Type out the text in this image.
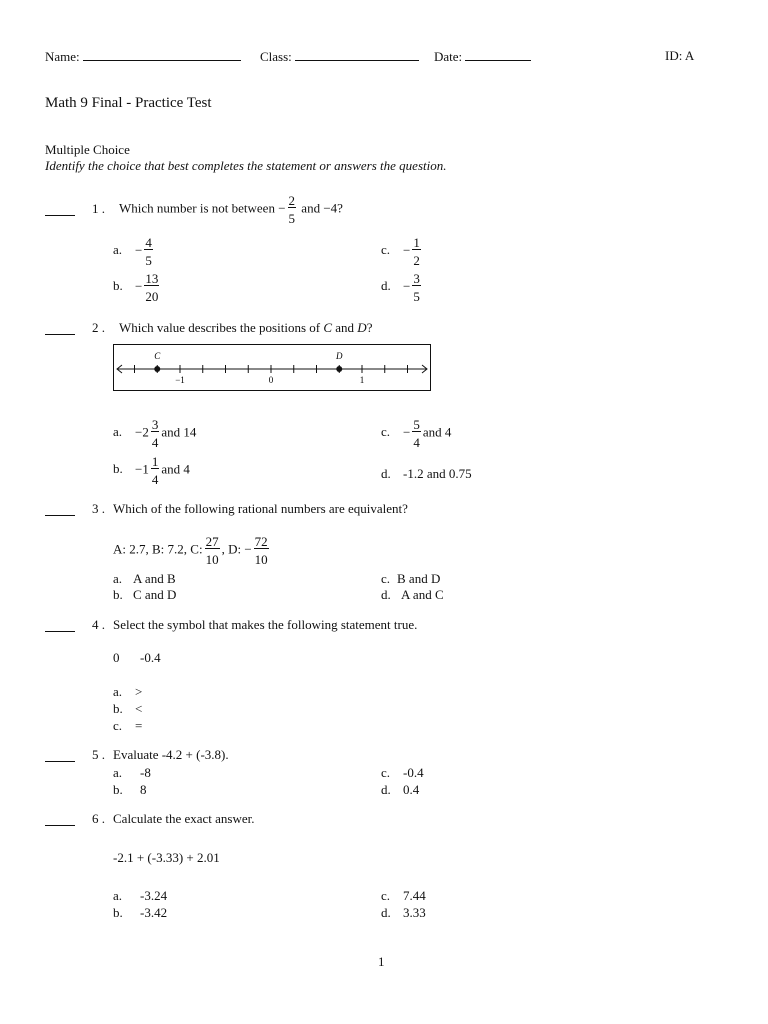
Name:	Class:	Date:	ID: A
Math 9 Final - Practice Test
Multiple Choice
Identify the choice that best completes the statement or answers the question.
1 . Which number is not between − $\frac{2}{5}$ and −4?
a. − $\frac{4}{5}$
b. − $\frac{13}{20}$
c. − $\frac{1}{2}$
d. − $\frac{3}{5}$
2 . Which value describes the positions of C and D?
C	D
−1	0	1
a. $-2 \frac{3}{4}$ and 14
b. $-1 \frac{1}{4}$ and 4
c. − $\frac{5}{4}$ and 4
d. -1.2 and 0.75
3 . Which of the following rational numbers are equivalent?
A: 2.7, B: 7.2, C: $\frac{27}{10}$ , D: − $\frac{72}{10}$
a. A and B
b. C and D
c. B and D
d. A and C
4 . Select the symbol that makes the following statement true.
0 -0.4
a. >
b. <
c. =
5 . Evaluate -4.2 + (-3.8).
a. -8
b. 8
c. -0.4
d. 0.4
6 . Calculate the exact answer.
-2.1 + (-3.33) + 2.01
a. -3.24
b. -3.42
c. 7.44
d. 3.33
1
